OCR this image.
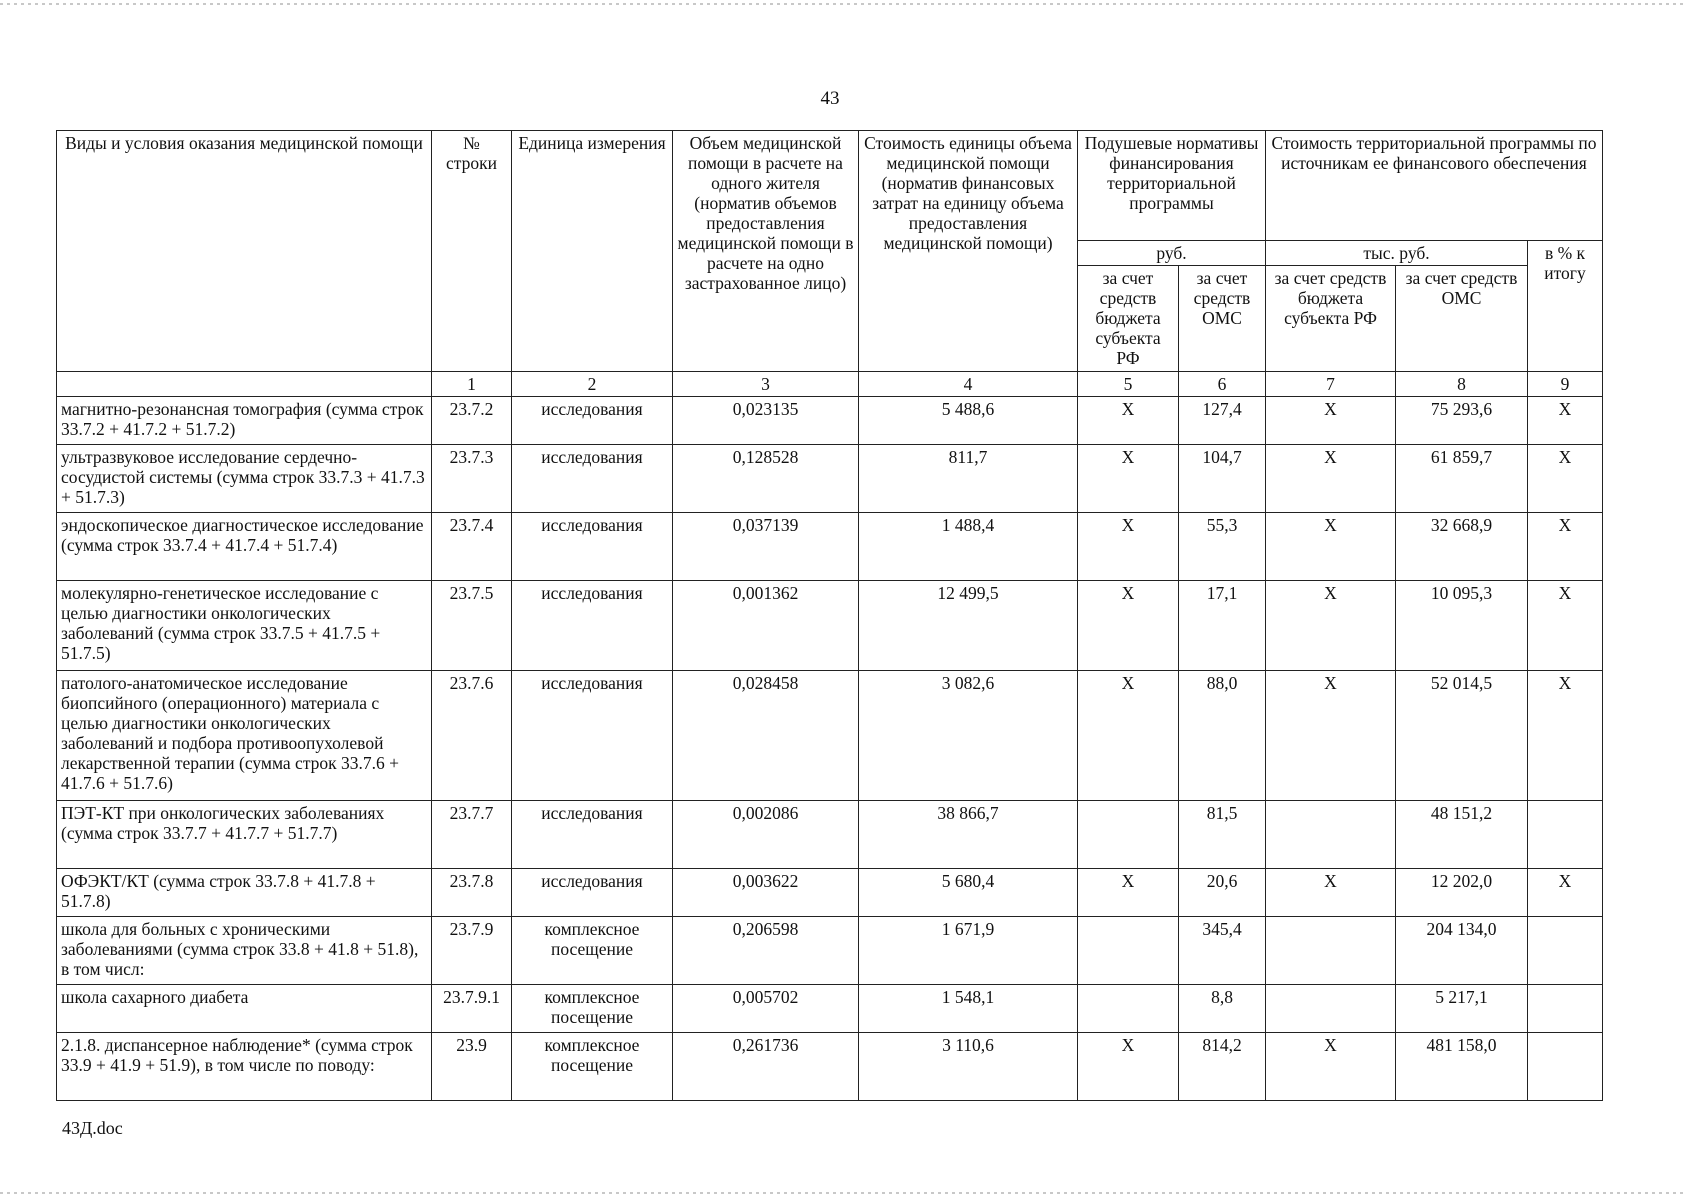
43
Виды и условия оказания медицинской помощи	№ строки	Единица измерения	Объем медицинской помощи в расчете на одного жителя (норматив объемов предоставления медицинской помощи в расчете на одно застрахованное лицо)	Стоимость единицы объема медицинской помощи (норматив финансовых затрат на единицу объема предоставления медицинской помощи)	Подушевые нормативы финансирования территориальной программы		Стоимость территориальной программы по источникам ее финансового обеспечения		
					руб.		тыс. руб.		в % к итогу
					за счет средств бюджета субъекта РФ	за счет средств ОМС	за счет средств бюджета субъекта РФ	за счет средств ОМС	
	1	2	3	4	5	6	7	8	9
магнитно-резонансная томография (сумма строк 33.7.2 + 41.7.2 + 51.7.2)	23.7.2	исследования	0,023135	5 488,6	X	127,4	X	75 293,6	X
ультразвуковое исследование сердечно-сосудистой системы (сумма строк 33.7.3 + 41.7.3 + 51.7.3)	23.7.3	исследования	0,128528	811,7	X	104,7	X	61 859,7	X
эндоскопическое диагностическое исследование (сумма строк 33.7.4 + 41.7.4 + 51.7.4)	23.7.4	исследования	0,037139	1 488,4	X	55,3	X	32 668,9	X
молекулярно-генетическое исследование с целью диагностики онкологических заболеваний (сумма строк 33.7.5 + 41.7.5 + 51.7.5)	23.7.5	исследования	0,001362	12 499,5	X	17,1	X	10 095,3	X
патолого-анатомическое исследование биопсийного (операционного) материала с целью диагностики онкологических заболеваний и подбора противоопухолевой лекарственной терапии (сумма строк 33.7.6 + 41.7.6 + 51.7.6)	23.7.6	исследования	0,028458	3 082,6	X	88,0	X	52 014,5	X
ПЭТ-КТ при онкологических заболеваниях (сумма строк 33.7.7 + 41.7.7 + 51.7.7)	23.7.7	исследования	0,002086	38 866,7		81,5		48 151,2	
ОФЭКТ/КТ (сумма строк 33.7.8 + 41.7.8 + 51.7.8)	23.7.8	исследования	0,003622	5 680,4	X	20,6	X	12 202,0	X
школа для больных с хроническими заболеваниями (сумма строк 33.8 + 41.8 + 51.8), в том числ:	23.7.9	комплексное посещение	0,206598	1 671,9		345,4		204 134,0	
школа сахарного диабета	23.7.9.1	комплексное посещение	0,005702	1 548,1		8,8		5 217,1	
2.1.8. диспансерное наблюдение* (сумма строк 33.9 + 41.9 + 51.9), в том числе по поводу:	23.9	комплексное посещение	0,261736	3 110,6	X	814,2	X	481 158,0	
43Д.doc
